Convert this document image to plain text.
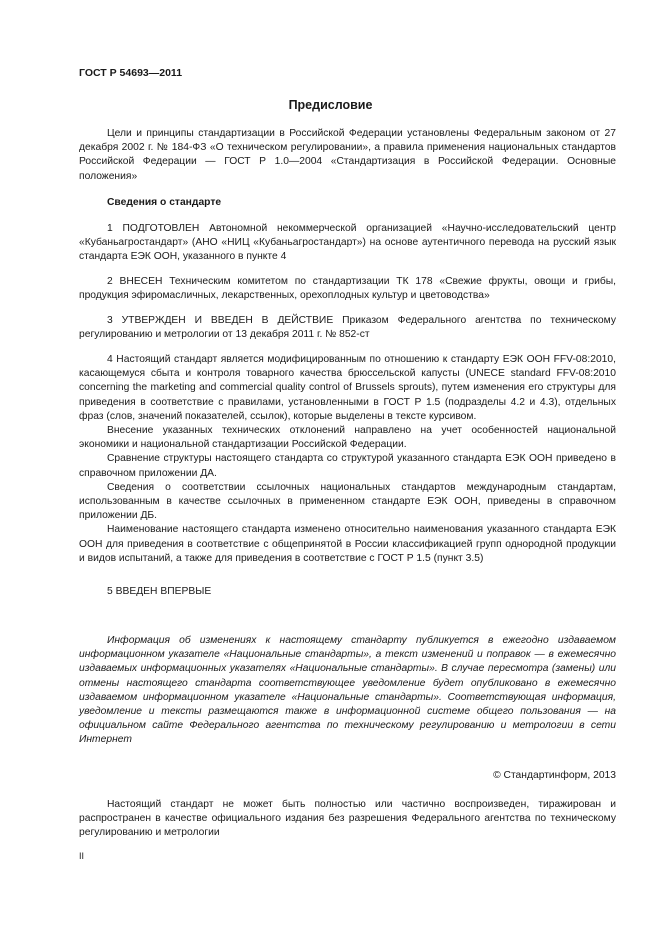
ГОСТ Р 54693—2011
Предисловие

Цели и принципы стандартизации в Российской Федерации установлены Федеральным законом от 27 декабря 2002 г. № 184-ФЗ «О техническом регулировании», а правила применения национальных стандартов Российской Федерации — ГОСТ Р 1.0—2004 «Стандартизация в Российской Федерации. Основные положения»

Сведения о стандарте

1 ПОДГОТОВЛЕН Автономной некоммерческой организацией «Научно-исследовательский центр «Кубаньагростандарт» (АНО «НИЦ «Кубаньагростандарт») на основе аутентичного перевода на русский язык стандарта ЕЭК ООН, указанного в пункте 4

2 ВНЕСЕН Техническим комитетом по стандартизации ТК 178 «Свежие фрукты, овощи и грибы, продукция эфиромасличных, лекарственных, орехоплодных культур и цветоводства»

3 УТВЕРЖДЕН И ВВЕДЕН В ДЕЙСТВИЕ Приказом Федерального агентства по техническому регулированию и метрологии от 13 декабря 2011 г. № 852-ст

4 Настоящий стандарт является модифицированным по отношению к стандарту ЕЭК ООН FFV-08:2010, касающемуся сбыта и контроля товарного качества брюссельской капусты (UNECE standard FFV-08:2010 concerning the marketing and commercial quality control of Brussels sprouts), путем изменения его структуры для приведения в соответствие с правилами, установленными в ГОСТ Р 1.5 (подразделы 4.2 и 4.3), отдельных фраз (слов, значений показателей, ссылок), которые выделены в тексте курсивом.

Внесение указанных технических отклонений направлено на учет особенностей национальной экономики и национальной стандартизации Российской Федерации.

Сравнение структуры настоящего стандарта со структурой указанного стандарта ЕЭК ООН приведено в справочном приложении ДА.

Сведения о соответствии ссылочных национальных стандартов международным стандартам, использованным в качестве ссылочных в примененном стандарте ЕЭК ООН, приведены в справочном приложении ДБ.

Наименование настоящего стандарта изменено относительно наименования указанного стандарта ЕЭК ООН для приведения в соответствие с общепринятой в России классификацией групп однородной продукции и видов испытаний, а также для приведения в соответствие с ГОСТ Р 1.5 (пункт 3.5)

5 ВВЕДЕН ВПЕРВЫЕ

Информация об изменениях к настоящему стандарту публикуется в ежегодно издаваемом информационном указателе «Национальные стандарты», а текст изменений и поправок — в ежемесячно издаваемых информационных указателях «Национальные стандарты». В случае пересмотра (замены) или отмены настоящего стандарта соответствующее уведомление будет опубликовано в ежемесячно издаваемом информационном указателе «Национальные стандарты». Соответствующая информация, уведомление и тексты размещаются также в информационной системе общего пользования — на официальном сайте Федерального агентства по техническому регулированию и метрологии в сети Интернет

© Стандартинформ, 2013

Настоящий стандарт не может быть полностью или частично воспроизведен, тиражирован и распространен в качестве официального издания без разрешения Федерального агентства по техническому регулированию и метрологии

II
